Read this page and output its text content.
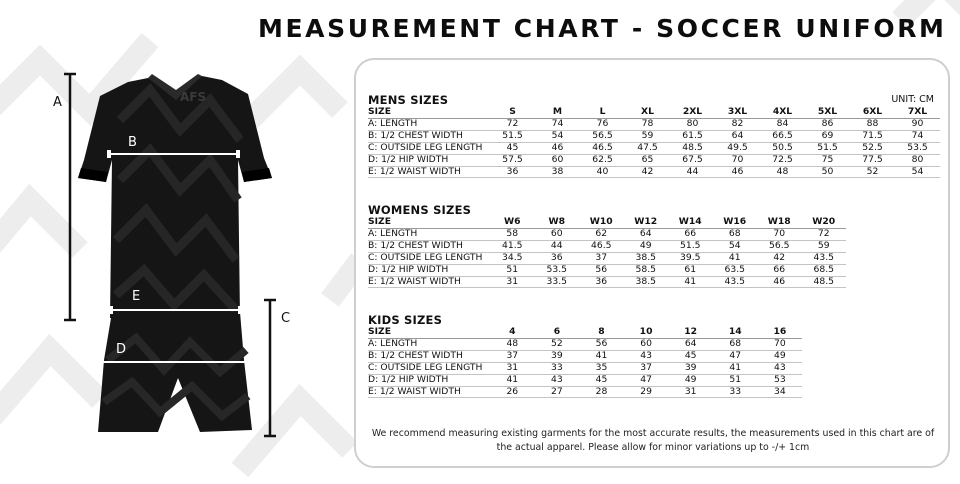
MEASUREMENT CHART - SOCCER UNIFORM
A
B
C
D
E
AFS	UNIT: CM
MENS SIZES
SIZE	S	M	L	XL	2XL	3XL	4XL	5XL	6XL	7XL
A: LENGTH	72	74	76	78	80	82	84	86	88	90
B: 1/2 CHEST WIDTH	51.5	54	56.5	59	61.5	64	66.5	69	71.5	74
C: OUTSIDE LEG LENGTH	45	46	46.5	47.5	48.5	49.5	50.5	51.5	52.5	53.5
D: 1/2 HIP WIDTH	57.5	60	62.5	65	67.5	70	72.5	75	77.5	80
E: 1/2 WAIST WIDTH	36	38	40	42	44	46	48	50	52	54
WOMENS SIZES
SIZE	W6	W8	W10	W12	W14	W16	W18	W20
A: LENGTH	58	60	62	64	66	68	70	72
B: 1/2 CHEST WIDTH	41.5	44	46.5	49	51.5	54	56.5	59
C: OUTSIDE LEG LENGTH	34.5	36	37	38.5	39.5	41	42	43.5
D: 1/2 HIP WIDTH	51	53.5	56	58.5	61	63.5	66	68.5
E: 1/2 WAIST WIDTH	31	33.5	36	38.5	41	43.5	46	48.5
KIDS SIZES
SIZE	4	6	8	10	12	14	16
A: LENGTH	48	52	56	60	64	68	70
B: 1/2 CHEST WIDTH	37	39	41	43	45	47	49
C: OUTSIDE LEG LENGTH	31	33	35	37	39	41	43
D: 1/2 HIP WIDTH	41	43	45	47	49	51	53
E: 1/2 WAIST WIDTH	26	27	28	29	31	33	34
We recommend measuring existing garments for the most accurate results, the measurements used in this chart are of the actual apparel. Please allow for minor variations up to -/+ 1cm
